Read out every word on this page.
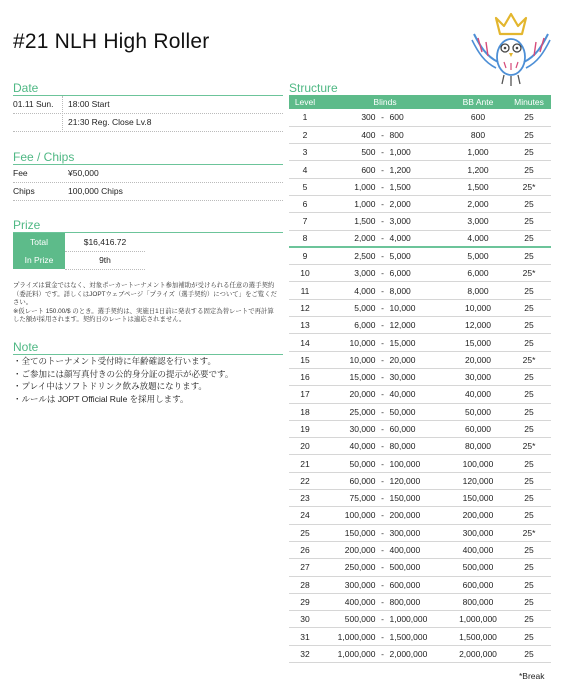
#21 NLH High Roller
Date
01.11 Sun. 18:00 Start
21:30 Reg. Close Lv.8
Fee / Chips
Fee	¥50,000
Chips	100,000 Chips
Prize
Total	$16,416.72
In Prize	9th
プライズは賞金ではなく、対象ポーカートーナメント参加補助が受けられる任意の選手契約（委託料）です。詳しくはJOPTウェブページ「プライズ（選手契約）について」をご覧ください。
※仮レート 150.00/$ のとき。選手契約は、実施日1日前に発表する固定為替レートで再計算した額が採用されます。契約日のレートは適応されません。
Note
・全てのトーナメント受付時に年齢確認を行います。
・ご参加には顔写真付きの公的身分証の提示が必要です。
・プレイ中はソフトドリンク飲み放題になります。
・ルールは JOPT Official Rule を採用します。
Structure
Level	Blinds	BB Ante	Minutes
1	300 - 600	600	25
2	400 - 800	800	25
3	500 - 1,000	1,000	25
4	600 - 1,200	1,200	25
5	1,000 - 1,500	1,500	25*
6	1,000 - 2,000	2,000	25
7	1,500 - 3,000	3,000	25
8	2,000 - 4,000	4,000	25
9	2,500 - 5,000	5,000	25
10	3,000 - 6,000	6,000	25*
11	4,000 - 8,000	8,000	25
12	5,000 - 10,000	10,000	25
13	6,000 - 12,000	12,000	25
14	10,000 - 15,000	15,000	25
15	10,000 - 20,000	20,000	25*
16	15,000 - 30,000	30,000	25
17	20,000 - 40,000	40,000	25
18	25,000 - 50,000	50,000	25
19	30,000 - 60,000	60,000	25
20	40,000 - 80,000	80,000	25*
21	50,000 - 100,000	100,000	25
22	60,000 - 120,000	120,000	25
23	75,000 - 150,000	150,000	25
24	100,000 - 200,000	200,000	25
25	150,000 - 300,000	300,000	25*
26	200,000 - 400,000	400,000	25
27	250,000 - 500,000	500,000	25
28	300,000 - 600,000	600,000	25
29	400,000 - 800,000	800,000	25
30	500,000 - 1,000,000	1,000,000	25
31	1,000,000 - 1,500,000	1,500,000	25
32	1,000,000 - 2,000,000	2,000,000	25
*Break
